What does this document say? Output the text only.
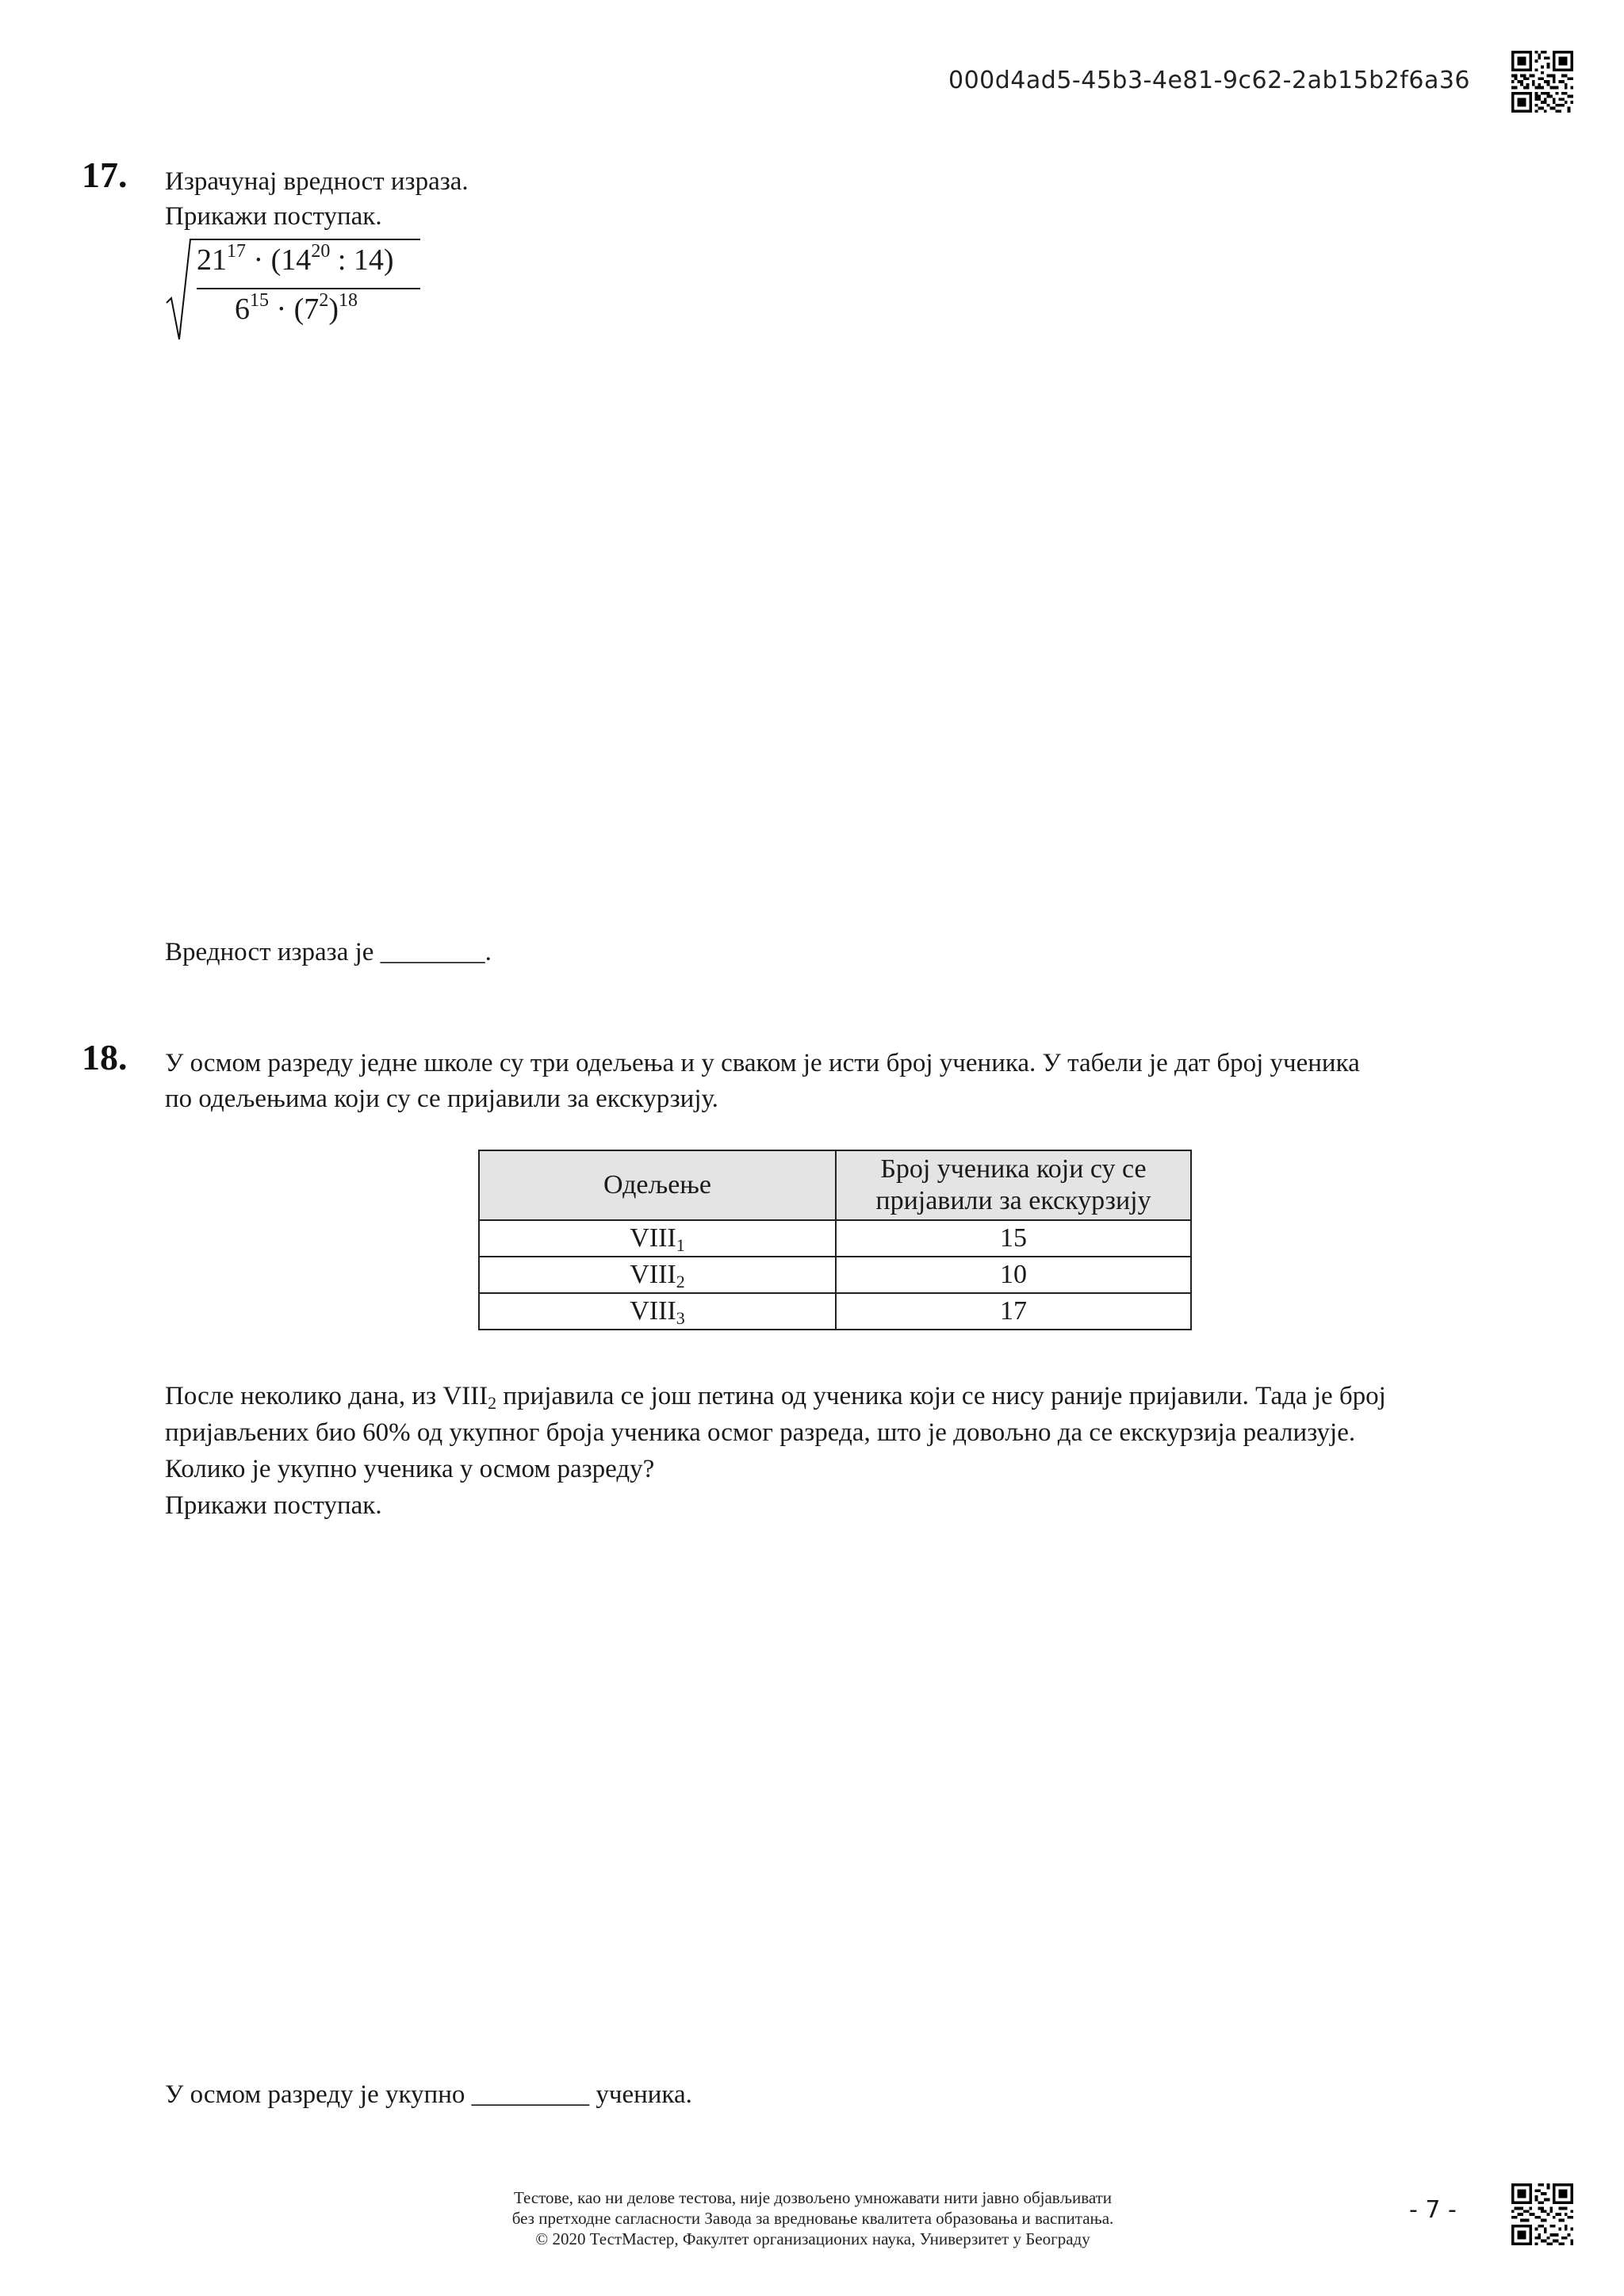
000d4ad5-45b3-4e81-9c62-2ab15b2f6a36
17. Израчунај вредност израза.
Прикажи поступак.
$21^{17} \cdot (14^{20}$ : 14)
$6^{15} \cdot (7^2)^{18}$
Вредност израза је ________.
18. У осмом разреду једне школе су три одељења и у сваком је исти број ученика. У табели је дат број ученика
по одељењима који су се пријавили за екскурзију.
Одељење	Број ученика који су се
пријавили за екскурзију
$VIII_1$	15
$VIII_2$	10
$VIII_3$	17
После неколико дана, из $VIII_2$ пријавила се још петина од ученика који се нису раније пријавили. Тада је број
пријављених био 60% од укупног броја ученика осмог разреда, што је довољно да се екскурзија реализује.
Колико је укупно ученика у осмом разреду?
Прикажи поступак.
У осмом разреду је укупно _________ ученика.
Тестове, као ни делове тестова, није дозвољено умножавати нити јавно објављивати
без претходне сагласности Завода за вредновање квалитета образовања и васпитања.
© 2020 ТестМастер, Факултет организационих наука, Универзитет у Београду
- 7 -
